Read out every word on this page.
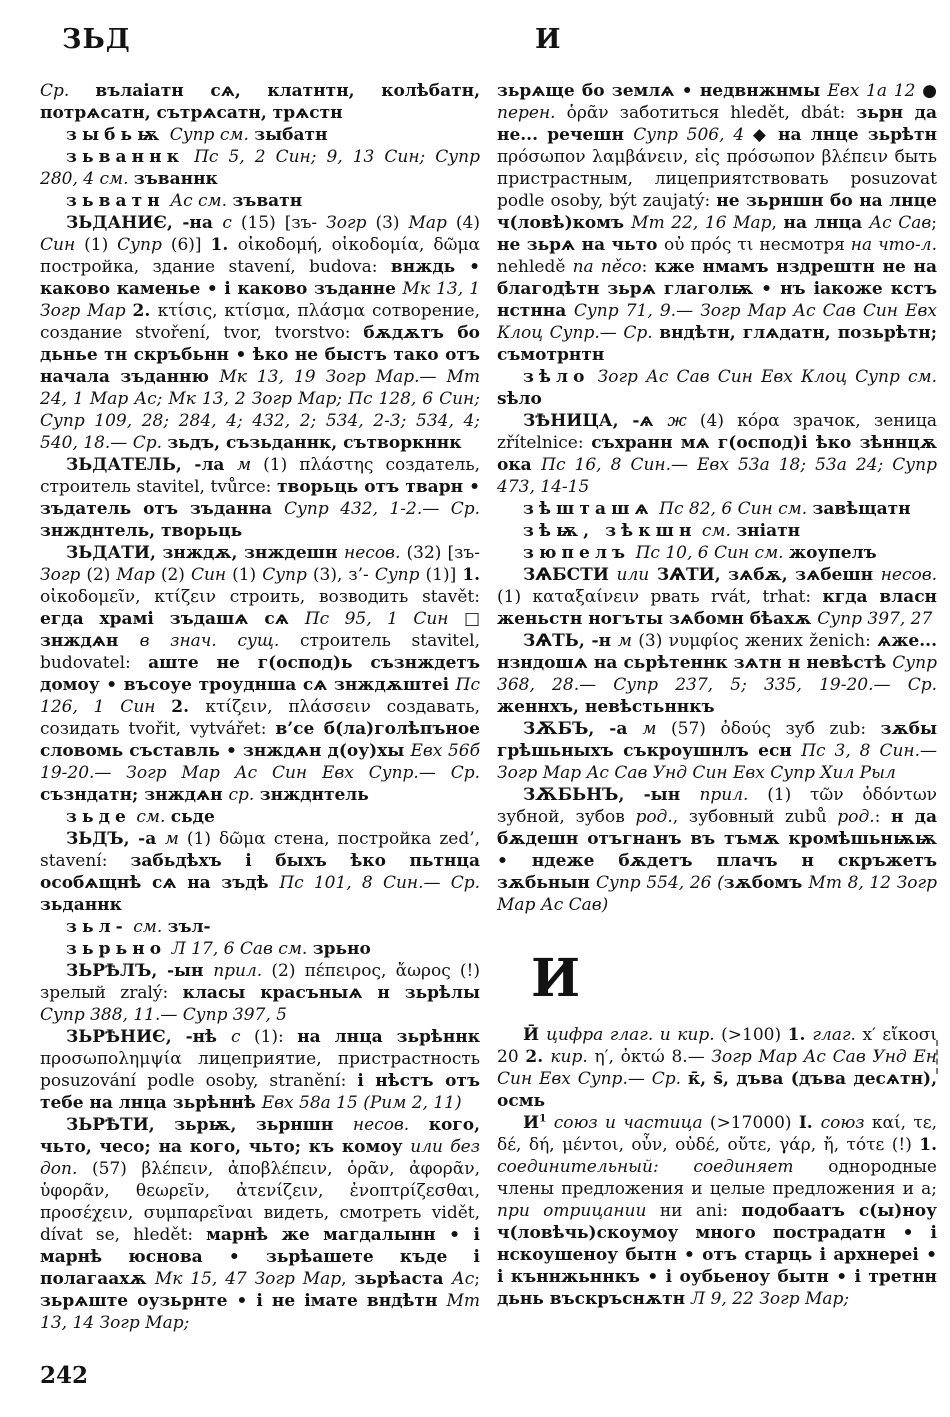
ЗЬД	И

Ср. вълаіатн сѧ, клатнтн, колѣбатн, потрѧсатн, сътрѧсатн, трѧстн

зыбьѭ Супр см. зыбатн

зьваннк Пс 5, 2 Син; 9, 13 Син; Супр 280, 4 см. зъваннк

зьватн Ас см. зъватн

ЗЬДАНИЄ, -на с (15) [зъ- Зогр (3) Мар (4) Син (1) Супр (6)] 1. οἰκοδομή, οἰκοδομία, δῶμα постройка, здание stavení, budova: внждь • каково каменье • і каково зъданне Мк 13, 1 Зогр Мар 2. κτίσις, κτίσμα, πλάσμα сотворение, создание stvoření, tvor, tvorstvo: бѫдѫтъ бо дьнье тн скръбьнн • ѣко не быстъ тако отъ начала зъданню Мк 13, 19 Зогр Мар.— Мт 24, 1 Мар Ас; Мк 13, 2 Зогр Мар; Пс 128, 6 Син; Супр 109, 28; 284, 4; 432, 2; 534, 2-3; 534, 4; 540, 18.— Ср. зьдъ, съзьданнк, сътворкннк

ЗЬДАТЕЛЬ, -ла м (1) πλάστης создатель, строитель stavitel, tvůrce: творьць отъ тварн • зъдатель отъ зъданна Супр 432, 1-2.— Ср. знжднтель, творьць

ЗЬДАТИ, знждѫ, знждешн несов. (32) [зъ- Зогр (2) Мар (2) Син (1) Супр (3), з’- Супр (1)] 1. οἰκοδομεῖν, κτίζειν строить, возводить stavět: егда храмі зъдашѧ сѧ Пс 95, 1 Син □ знждѧн в знач. сущ. строитель stavitel, budovatel: аште не г(оспод)ь съзнждетъ домоу • въсоуе троуднша сѧ знждѫштеі Пс 126, 1 Син 2. κτίζειν, πλάσσειν создавать, созидать tvořit, vytvářet: в’се б(ла)голѣпъное словомь съставль • знждѧн д(оу)хы Евх 56б 19-20.— Зогр Мар Ас Син Евх Супр.— Ср. съзндатн; знждѧн ср. знжднтель

зьде см. сьде

ЗЬДЪ, -а м (1) δῶμα стена, постройка zed’, stavení: забьдѣхъ і быхъ ѣко пьтнца особѧщнѣ сѧ на зъдѣ Пс 101, 8 Син.— Ср. зьданнк

зьл- см. зъл-

зьрьно Л 17, 6 Сав см. зрьно

ЗЬРѢЛЪ, -ын прил. (2) πέπειρος, ἄωρος (!) зрелый zralý: класы красъныѧ н зьрѣлы Супр 388, 11.— Супр 397, 5

ЗЬРѢНИЄ, -нѣ с (1): на лнца зьрѣннк προσωπολημψία лицеприятие, пристрастность posuzování podle osoby, stranění: і нѣстъ отъ тебе на лнца зьрѣннѣ Евх 58а 15 (Рим 2, 11)

ЗЬРѢТИ, зьрѭ, зьрншн несов. кого, чьто, чесо; на кого, чьто; къ комоу или без доп. (57) βλέπειν, ἀποβλέπειν, ὁρᾶν, ἀφορᾶν, ὑφορᾶν, θεωρεῖν, ἀτενίζειν, ἐνοπτρίζεσθαι, προσέχειν, συμπαρεῖναι видеть, смотреть vidět, dívat se, hledět: марнѣ же магдалынн • і марнѣ юснова • зьрѣашете къде і полагаахѫ Мк 15, 47 Зогр Мар, зьрѣаста Ас; зьрѧште оузьрнте • і не імате вндѣтн Мт 13, 14 Зогр Мар;

зьрѧще бо землѧ • недвнжнмы Евх 1а 12 ● перен. ὁρᾶν заботиться hledět, dbát: зьрн да не... речешн Супр 506, 4 ◆ на лнце зьрѣтн πρόσωπον λαμβάνειν, εἰς πρόσωπον βλέπειν быть пристрастным, лицеприятствовать posuzovat podle osoby, být zaujatý: не зьрншн бо на лнце ч(ловѣ)комъ Мт 22, 16 Мар, на лнца Ас Сав; не зьрѧ на чьто οὐ πρός τι несмотря на что-л. nehledě na něco: кже нмамъ нздрештн не на благодѣтн зьрѧ глаголѭ • нъ іакоже кстъ нстнна Супр 71, 9.— Зогр Мар Ас Сав Син Евх Клоц Супр.— Ср. вндѣтн, глѧдатн, позьрѣтн; съмотрнтн

зѣло Зогр Ас Сав Син Евх Клоц Супр см. ѕѣло

ЗѢНИЦА, -ѧ ж (4) κόρα зрачок, зеница zřítelnice: съхранн мѧ г(оспод)і ѣко зѣннцѫ ока Пс 16, 8 Син.— Евх 53а 18; 53а 24; Супр 473, 14-15

зѣшташѧ Пс 82, 6 Син см. завѣщатн

зѣѭ, зѣкшн см. зніатн

зюпелъ Пс 10, 6 Син см. жоупелъ

ЗѦБСТИ или ЗѦТИ, зѧбѫ, зѧбешн несов. (1) καταξαίνειν рвать rvát, trhat: кгда власн женьстн ногъты зѧбомн бѣахѫ Супр 397, 27

ЗѦТЬ, -н м (3) νυμφίος жених ženich: ѧже... нзндошѧ на сьрѣтеннк зѧтн н невѣстѣ Супр 368, 28.— Супр 237, 5; 335, 19-20.— Ср. женнхъ, невѣстьннкъ

ЗѪБЪ, -а м (57) ὀδούς зуб zub: зѫбы грѣшьныхъ съкроушнлъ есн Пс 3, 8 Син.— Зогр Мар Ас Сав Унд Син Евх Супр Хил Рыл

ЗѪБЬНЪ, -ын прил. (1) τῶν ὀδόντων зубной, зубов род., зубовный zubů род.: н да бѫдешн отъгнанъ въ тъмѫ кромѣшьнѭѭ • ндеже бѫдетъ плачъ н скръжетъ зѫбьнын Супр 554, 26 (зѫбомъ Мт 8, 12 Зогр Мар Ас Сав)

И

Ӣ цифра глаг. и кир. (>100) 1. глаг. х′ εἴκοσι 20 2. кир. η′, ὀκτώ 8.— Зогр Мар Ас Сав Унд Ен Син Евх Супр.— Ср. к̄, ѕ̄, дъва (дъва десѧтн), осмь

$И^1$ союз и частица (>17000) I. союз καί, τε, δέ, δή, μέντοι, οὖν, οὐδέ, οὔτε, γάρ, ἤ, τότε (!) 1. соединительный: соединяет однородные члены предложения и целые предложения и а; при отрицании ни ani: подобаатъ с(ы)ноу ч(ловѣчь)скоумоу много пострадатн • і нскоушеноу бытн • отъ старць і архнереі • і къннжьннкъ • і оубьеноу бытн • і третнн дьнь въскръснѫтн Л 9, 22 Зогр Мар;

242
